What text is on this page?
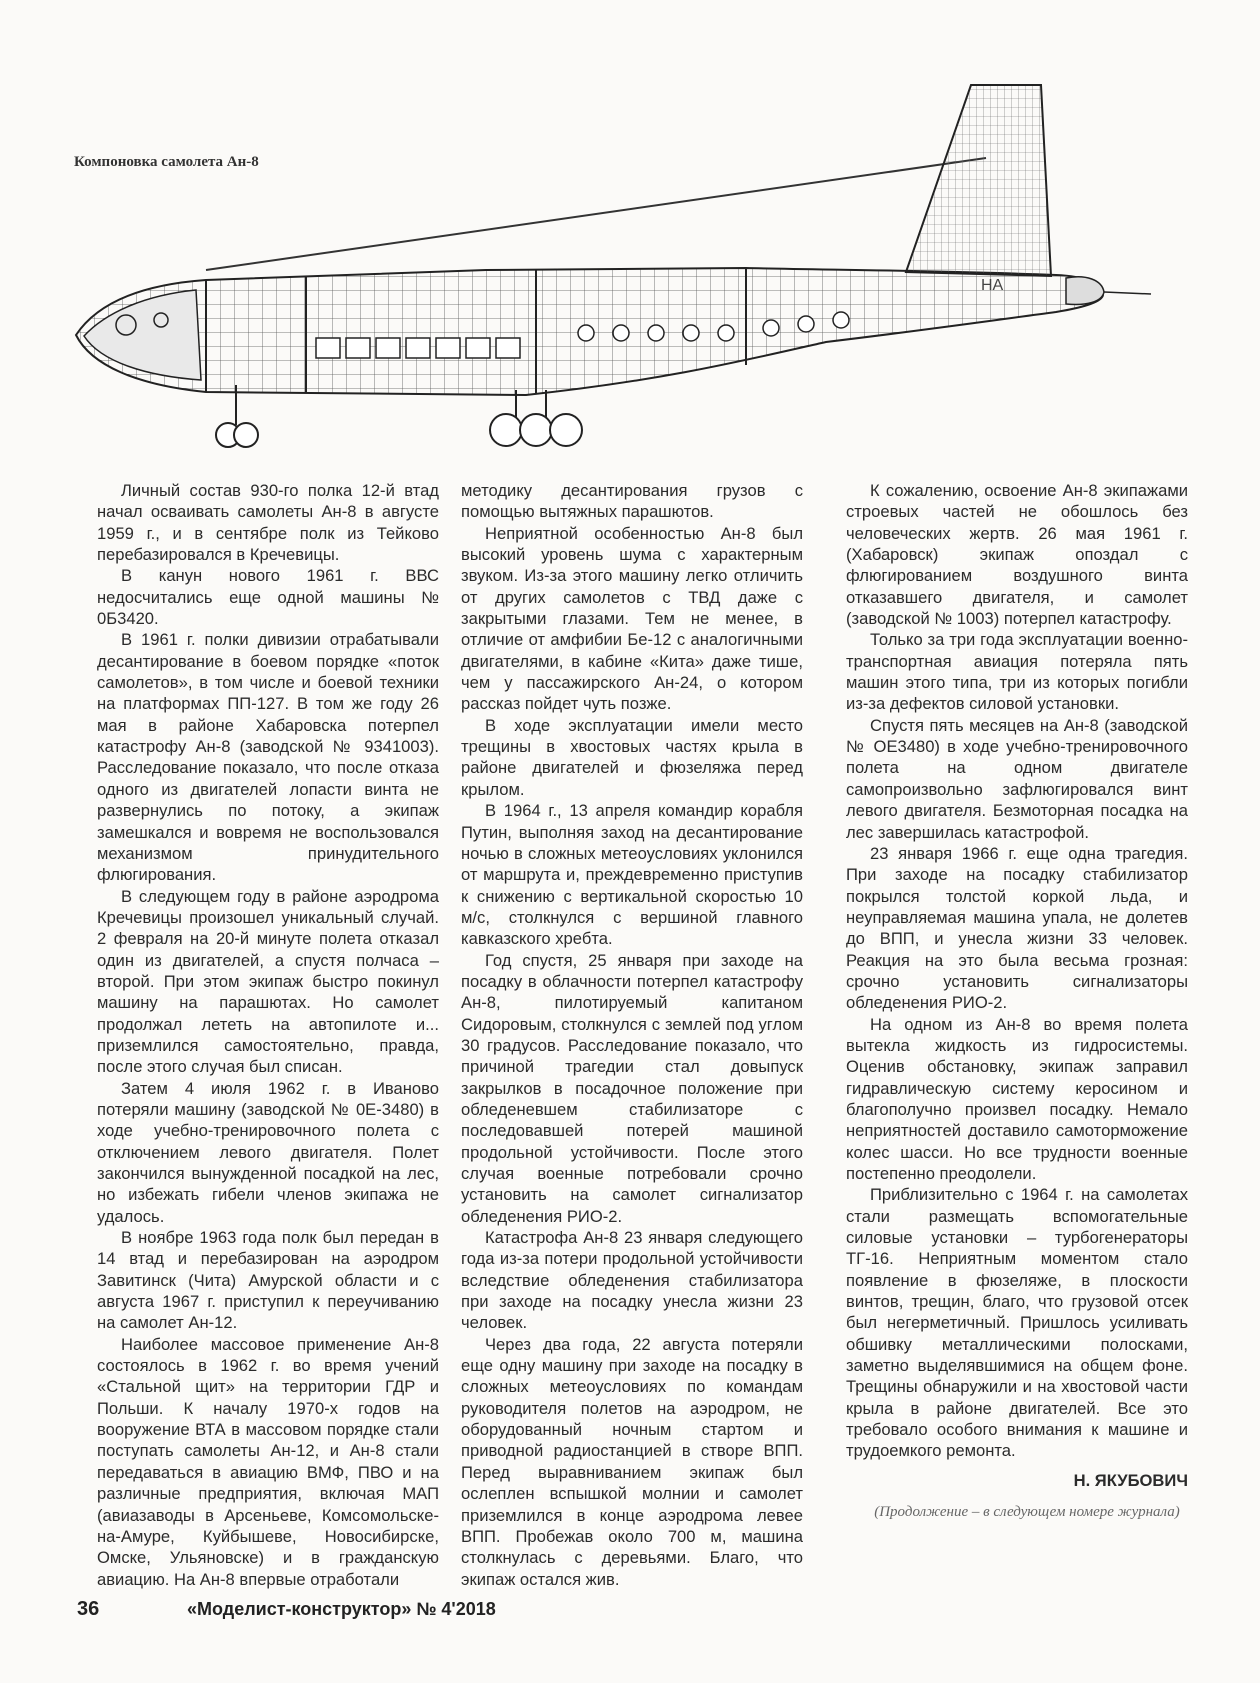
Компоновка самолета Ан-8
НА

Личный состав 930-го полка 12-й втад начал осваивать самолеты Ан-8 в августе 1959 г., и в сентябре полк из Тейково перебазировался в Кречевицы.

В канун нового 1961 г. ВВС недосчитались еще одной машины № 0Б3420.

В 1961 г. полки дивизии отрабатывали десантирование в боевом порядке «поток самолетов», в том числе и боевой техники на платформах ПП-127. В том же году 26 мая в районе Хабаровска потерпел катастрофу Ан-8 (заводской № 9341003). Расследование показало, что после отказа одного из двигателей лопасти винта не развернулись по потоку, а экипаж замешкался и вовремя не воспользовался механизмом принудительного флюгирования.

В следующем году в районе аэродрома Кречевицы произошел уникальный случай. 2 февраля на 20-й минуте полета отказал один из двигателей, а спустя полчаса – второй. При этом экипаж быстро покинул машину на парашютах. Но самолет продолжал лететь на автопилоте и... приземлился самостоятельно, правда, после этого случая был списан.

Затем 4 июля 1962 г. в Иваново потеряли машину (заводской № 0Е-3480) в ходе учебно-тренировочного полета с отключением левого двигателя. Полет закончился вынужденной посадкой на лес, но избежать гибели членов экипажа не удалось.

В ноябре 1963 года полк был передан в 14 втад и перебазирован на аэродром Завитинск (Чита) Амурской области и с августа 1967 г. приступил к переучиванию на самолет Ан-12.

Наиболее массовое применение Ан-8 состоялось в 1962 г. во время учений «Стальной щит» на территории ГДР и Польши. К началу 1970-х годов на вооружение ВТА в массовом порядке стали поступать самолеты Ан-12, и Ан-8 стали передаваться в авиацию ВМФ, ПВО и на различные предприятия, включая МАП (авиазаводы в Арсеньеве, Комсомольске-на-Амуре, Куйбышеве, Новосибирске, Омске, Ульяновске) и в гражданскую авиацию. На Ан-8 впервые отработали

методику десантирования грузов с помощью вытяжных парашютов.

Неприятной особенностью Ан-8 был высокий уровень шума с характерным звуком. Из-за этого машину легко отличить от других самолетов с ТВД даже с закрытыми глазами. Тем не менее, в отличие от амфибии Бе-12 с аналогичными двигателями, в кабине «Кита» даже тише, чем у пассажирского Ан-24, о котором рассказ пойдет чуть позже.

В ходе эксплуатации имели место трещины в хвостовых частях крыла в районе двигателей и фюзеляжа перед крылом.

В 1964 г., 13 апреля командир корабля Путин, выполняя заход на десантирование ночью в сложных метеоусловиях уклонился от маршрута и, преждевременно приступив к снижению с вертикальной скоростью 10 м/с, столкнулся с вершиной главного кавказского хребта.

Год спустя, 25 января при заходе на посадку в облачности потерпел катастрофу Ан-8, пилотируемый капитаном Сидоровым, столкнулся с землей под углом 30 градусов. Расследование показало, что причиной трагедии стал довыпуск закрылков в посадочное положение при обледеневшем стабилизаторе с последовавшей потерей машиной продольной устойчивости. После этого случая военные потребовали срочно установить на самолет сигнализатор обледенения РИО-2.

Катастрофа Ан-8 23 января следующего года из-за потери продольной устойчивости вследствие обледенения стабилизатора при заходе на посадку унесла жизни 23 человек.

Через два года, 22 августа потеряли еще одну машину при заходе на посадку в сложных метеоусловиях по командам руководителя полетов на аэродром, не оборудованный ночным стартом и приводной радиостанцией в створе ВПП. Перед выравниванием экипаж был ослеплен вспышкой молнии и самолет приземлился в конце аэродрома левее ВПП. Пробежав около 700 м, машина столкнулась с деревьями. Благо, что экипаж остался жив.

К сожалению, освоение Ан-8 экипажами строевых частей не обошлось без человеческих жертв. 26 мая 1961 г. (Хабаровск) экипаж опоздал с флюгированием воздушного винта отказавшего двигателя, и самолет (заводской № 1003) потерпел катастрофу.

Только за три года эксплуатации военно-транспортная авиация потеряла пять машин этого типа, три из которых погибли из-за дефектов силовой установки.

Спустя пять месяцев на Ан-8 (заводской № ОЕ3480) в ходе учебно-тренировочного полета на одном двигателе самопроизвольно зафлюгировался винт левого двигателя. Безмоторная посадка на лес завершилась катастрофой.

23 января 1966 г. еще одна трагедия. При заходе на посадку стабилизатор покрылся толстой коркой льда, и неуправляемая машина упала, не долетев до ВПП, и унесла жизни 33 человек. Реакция на это была весьма грозная: срочно установить сигнализаторы обледенения РИО-2.

На одном из Ан-8 во время полета вытекла жидкость из гидросистемы. Оценив обстановку, экипаж заправил гидравлическую систему керосином и благополучно произвел посадку. Немало неприятностей доставило самоторможение колес шасси. Но все трудности военные постепенно преодолели.

Приблизительно с 1964 г. на самолетах стали размещать вспомогательные силовые установки – турбогенераторы ТГ-16. Неприятным моментом стало появление в фюзеляже, в плоскости винтов, трещин, благо, что грузовой отсек был негерметичный. Пришлось усиливать обшивку металлическими полосками, заметно выделявшимися на общем фоне. Трещины обнаружили и на хвостовой части крыла в районе двигателей. Все это требовало особого внимания к машине и трудоемкого ремонта.

Н. ЯКУБОВИЧ
(Продолжение – в следующем номере журнала)
36	«Моделист-конструктор» № 4'2018
